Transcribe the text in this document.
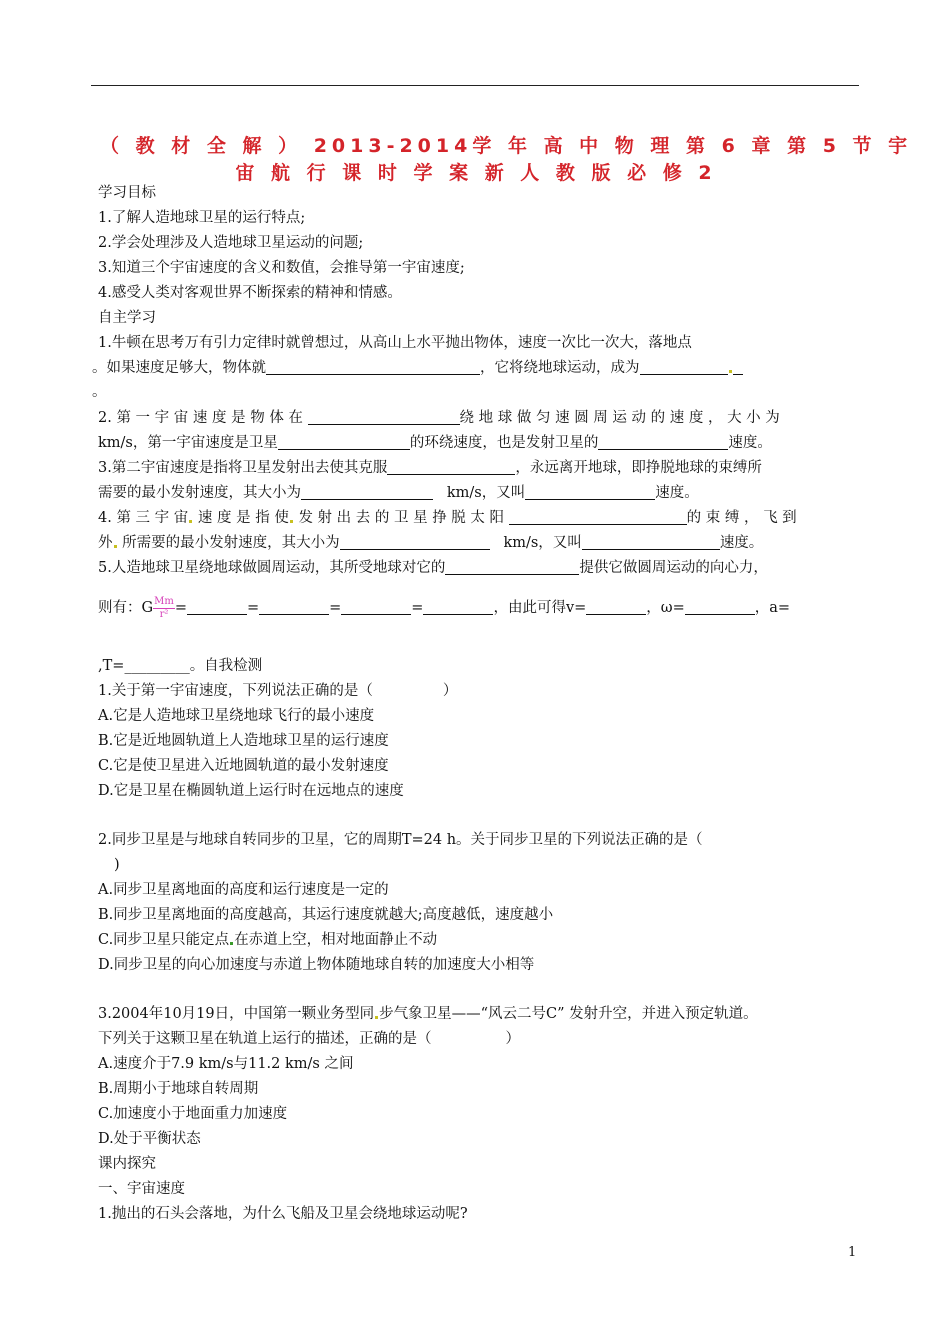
（ 教 材 全 解 ） 2013-2014学 年 高 中 物 理 第 6 章 第 5 节 宇
宙 航 行 课 时 学 案 新 人 教 版 必 修 2
学习目标
1.了解人造地球卫星的运行特点;
2.学会处理涉及人造地球卫星运动的问题;
3.知道三个宇宙速度的含义和数值，会推导第一宇宙速度;
4.感受人类对客观世界不断探索的精神和情感。
自主学习
1.牛顿在思考万有引力定律时就曾想过，从高山上水平抛出物体，速度一次比一次大，落地点
。如果速度足够大，物体就	，它将绕地球运动，成为
。
2. 第 一 宇 宙 速 度 是 物 体 在	绕 地 球 做 匀 速 圆 周 运 动 的 速 度 ， 大 小 为
km/s，第一宇宙速度是卫星	的环绕速度，也是发射卫星的	速度。
3.第二宇宙速度是指将卫星发射出去使其克服	，永远离开地球，即挣脱地球的束缚所
需要的最小发射速度，其大小为	km/s，又叫	速度。
4. 第 三 宇 宙 速 度 是 指 使 发 射 出 去 的 卫 星 挣 脱 太 阳	的 束 缚 ， 飞 到
外 所需要的最小发射速度，其大小为	km/s，又叫	速度。
5.人造地球卫星绕地球做圆周运动，其所受地球对它的	提供它做圆周运动的向心力，
则有：G $\frac{Mm}{\text{r²}}$ =	=	=	=	，由此可得v=	，ω=	，a=
,T=_________。自我检测
1.关于第一宇宙速度，下列说法正确的是（	）
A.它是人造地球卫星绕地球飞行的最小速度
B.它是近地圆轨道上人造地球卫星的运行速度
C.它是使卫星进入近地圆轨道的最小发射速度
D.它是卫星在椭圆轨道上运行时在远地点的速度
2.同步卫星是与地球自转同步的卫星，它的周期T=24 h。关于同步卫星的下列说法正确的是（
)
A.同步卫星离地面的高度和运行速度是一定的
B.同步卫星离地面的高度越高，其运行速度就越大;高度越低，速度越小
C.同步卫星只能定点 在赤道上空，相对地面静止不动
D.同步卫星的向心加速度与赤道上物体随地球自转的加速度大小相等
3.2004年10月19日，中国第一颗业务型同 步气象卫星——“风云二号C” 发射升空，并进入预定轨道。
下列关于这颗卫星在轨道上运行的描述，正确的是（	）
A.速度介于7.9 km/s与11.2 km/s 之间
B.周期小于地球自转周期
C.加速度小于地面重力加速度
D.处于平衡状态
课内探究
一、宇宙速度
1.抛出的石头会落地，为什么飞船及卫星会绕地球运动呢?
1
